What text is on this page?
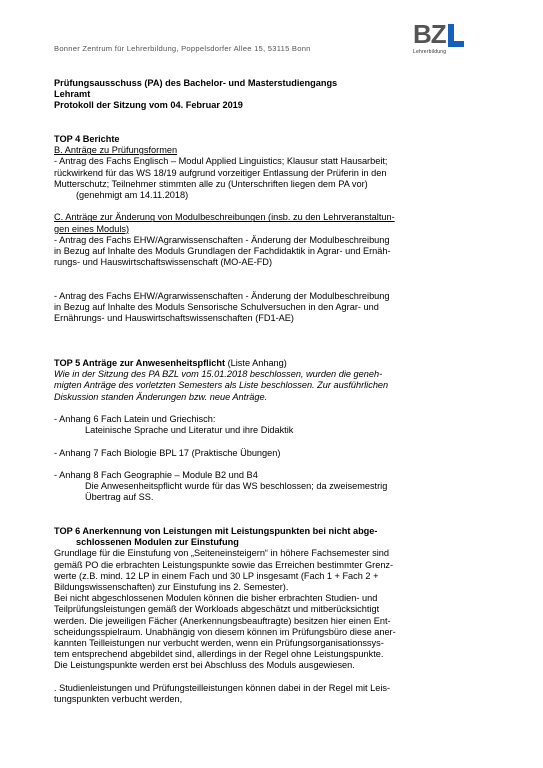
Bonner Zentrum für Lehrerbildung, Poppelsdorfer Allee 15, 53115 Bonn	BZ
Lehrerbildung

Prüfungsausschuss (PA) des Bachelor- und Masterstudiengangs

Lehramt

Protokoll der Sitzung vom 04. Februar 2019

TOP 4 Berichte

B. Anträge zu Prüfungsformen

- Antrag des Fachs Englisch – Modul Applied Linguistics; Klausur statt Hausarbeit;

rückwirkend für das WS 18/19 aufgrund vorzeitiger Entlassung der Prüferin in den

Mutterschutz; Teilnehmer stimmten alle zu (Unterschriften liegen dem PA vor)

(genehmigt am 14.11.2018)

C. Anträge zur Änderung von Modulbeschreibungen (insb. zu den Lehrveranstaltun-

gen eines Moduls)

- Antrag des Fachs EHW/Agrarwissenschaften - Änderung der Modulbeschreibung

in Bezug auf Inhalte des Moduls Grundlagen der Fachdidaktik in Agrar- und Ernäh-

rungs- und Hauswirtschaftswissenschaft (MO-AE-FD)

- Antrag des Fachs EHW/Agrarwissenschaften - Änderung der Modulbeschreibung

in Bezug auf Inhalte des Moduls Sensorische Schulversuchen in den Agrar- und

Ernährungs- und Hauswirtschaftswissenschaften (FD1-AE)

TOP 5 Anträge zur Anwesenheitspflicht (Liste Anhang)

Wie in der Sitzung des PA BZL vom 15.01.2018 beschlossen, wurden die geneh-

migten Anträge des vorletzten Semesters als Liste beschlossen. Zur ausführlichen

Diskussion standen Änderungen bzw. neue Anträge.

- Anhang 6 Fach Latein und Griechisch:

Lateinische Sprache und Literatur und ihre Didaktik

- Anhang 7 Fach Biologie BPL 17 (Praktische Übungen)

- Anhang 8 Fach Geographie – Module B2 und B4

Die Anwesenheitspflicht wurde für das WS beschlossen; da zweisemestrig

Übertrag auf SS.

TOP 6 Anerkennung von Leistungen mit Leistungspunkten bei nicht abge-

schlossenen Modulen zur Einstufung

Grundlage für die Einstufung von „Seiteneinsteigern“ in höhere Fachsemester sind

gemäß PO die erbrachten Leistungspunkte sowie das Erreichen bestimmter Grenz-

werte (z.B. mind. 12 LP in einem Fach und 30 LP insgesamt (Fach 1 + Fach 2 +

Bildungswissenschaften) zur Einstufung ins 2. Semester).

Bei nicht abgeschlossenen Modulen können die bisher erbrachten Studien- und

Teilprüfungsleistungen gemäß der Workloads abgeschätzt und mitberücksichtigt

werden. Die jeweiligen Fächer (Anerkennungsbeauftragte) besitzen hier einen Ent-

scheidungsspielraum. Unabhängig von diesem können im Prüfungsbüro diese aner-

kannten Teilleistungen nur verbucht werden, wenn ein Prüfungsorganisationssys-

tem entsprechend abgebildet sind, allerdings in der Regel ohne Leistungspunkte.

Die Leistungspunkte werden erst bei Abschluss des Moduls ausgewiesen.

. Studienleistungen und Prüfungsteilleistungen können dabei in der Regel mit Leis-

tungspunkten verbucht werden,
